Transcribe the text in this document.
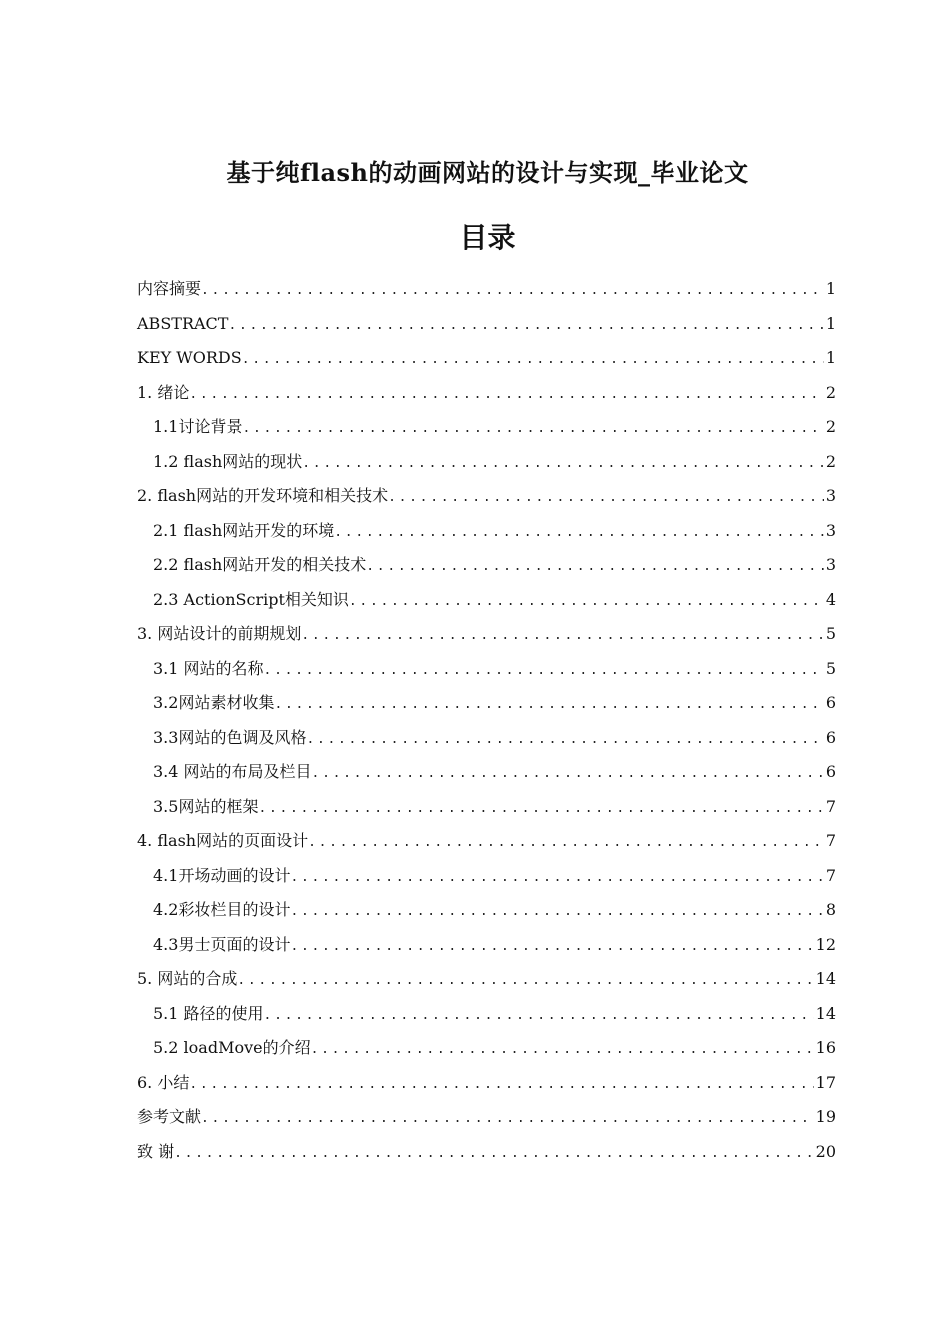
基于纯flash的动画网站的设计与实现_毕业论文
目录
内容摘要 .....	1
ABSTRACT .....	1
KEY WORDS .....	1
1. 绪论 .....	2
1.1讨论背景 .....	2
1.2 flash网站的现状 .....	2
2. flash网站的开发环境和相关技术 .....	3
2.1 flash网站开发的环境 .....	3
2.2 flash网站开发的相关技术 .....	3
2.3 ActionScript相关知识 .....	4
3. 网站设计的前期规划 .....	5
3.1 网站的名称 .....	5
3.2网站素材收集 .....	6
3.3网站的色调及风格 .....	6
3.4 网站的布局及栏目 .....	6
3.5网站的框架 .....	7
4. flash网站的页面设计 .....	7
4.1开场动画的设计 .....	7
4.2彩妆栏目的设计 .....	8
4.3男士页面的设计 .....	12
5. 网站的合成 .....	14
5.1 路径的使用 .....	14
5.2 loadMove的介绍 .....	16
6. 小结 .....	17
参考文献 .....	19
致 谢 .....	20
